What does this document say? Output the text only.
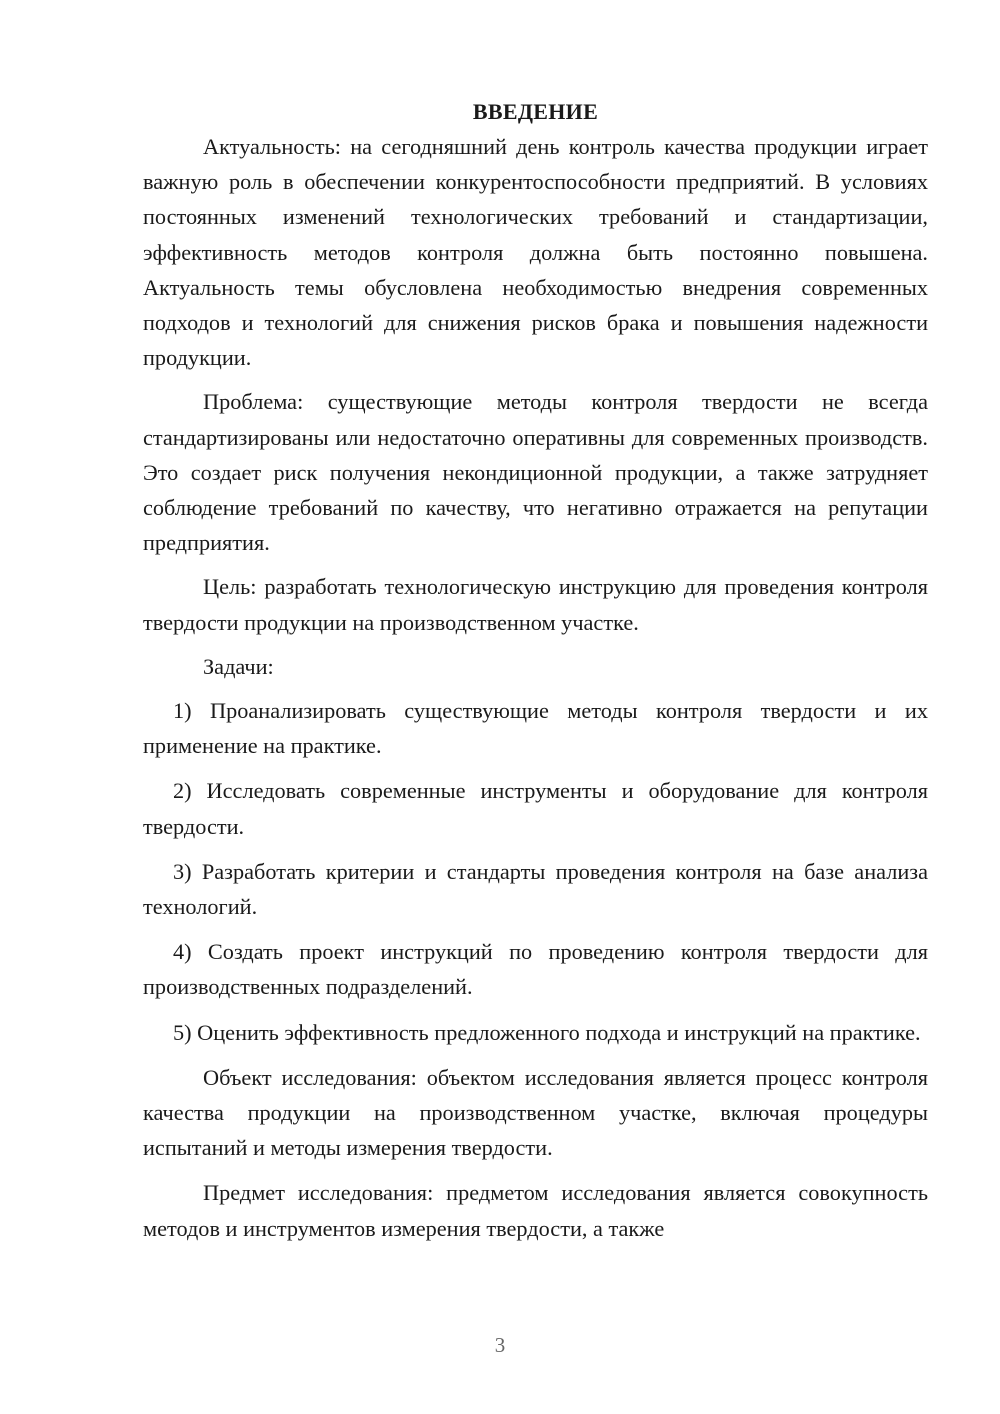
ВВЕДЕНИЕ

Актуальность: на сегодняшний день контроль качества продукции играет важную роль в обеспечении конкурентоспособности предприятий. В условиях постоянных изменений технологических требований и стандартизации, эффективность методов контроля должна быть постоянно повышена. Актуальность темы обусловлена необходимостью внедрения современных подходов и технологий для снижения рисков брака и повышения надежности продукции.

Проблема: существующие методы контроля твердости не всегда стандартизированы или недостаточно оперативны для современных производств. Это создает риск получения некондиционной продукции, а также затрудняет соблюдение требований по качеству, что негативно отражается на репутации предприятия.

Цель: разработать технологическую инструкцию для проведения контроля твердости продукции на производственном участке.

Задачи:

1) Проанализировать существующие методы контроля твердости и их применение на практике.

2) Исследовать современные инструменты и оборудование для контроля твердости.

3) Разработать критерии и стандарты проведения контроля на базе анализа технологий.

4) Создать проект инструкций по проведению контроля твердости для производственных подразделений.

5) Оценить эффективность предложенного подхода и инструкций на практике.

Объект исследования: объектом исследования является процесс контроля качества продукции на производственном участке, включая процедуры испытаний и методы измерения твердости.

Предмет исследования: предметом исследования является совокупность методов и инструментов измерения твердости, а также

3
